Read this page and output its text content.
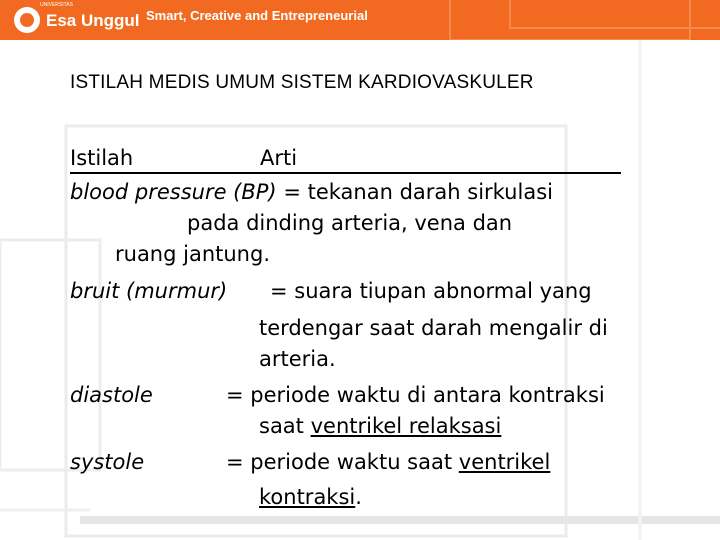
Esa Unggul
UNIVERSITAS
Smart, Creative and Entrepreneurial
ISTILAH MEDIS UMUM SISTEM KARDIOVASKULER
Istilah	Arti
blood pressure (BP) = tekanan darah sirkulasi
pada dinding arteria, vena dan
ruang jantung.
bruit (murmur) = suara tiupan abnormal yang
terdengar saat darah mengalir di
arteria.
diastole	= periode waktu di antara kontraksi
saat ventrikel relaksasi
systole	= periode waktu saat ventrikel
kontraksi.
